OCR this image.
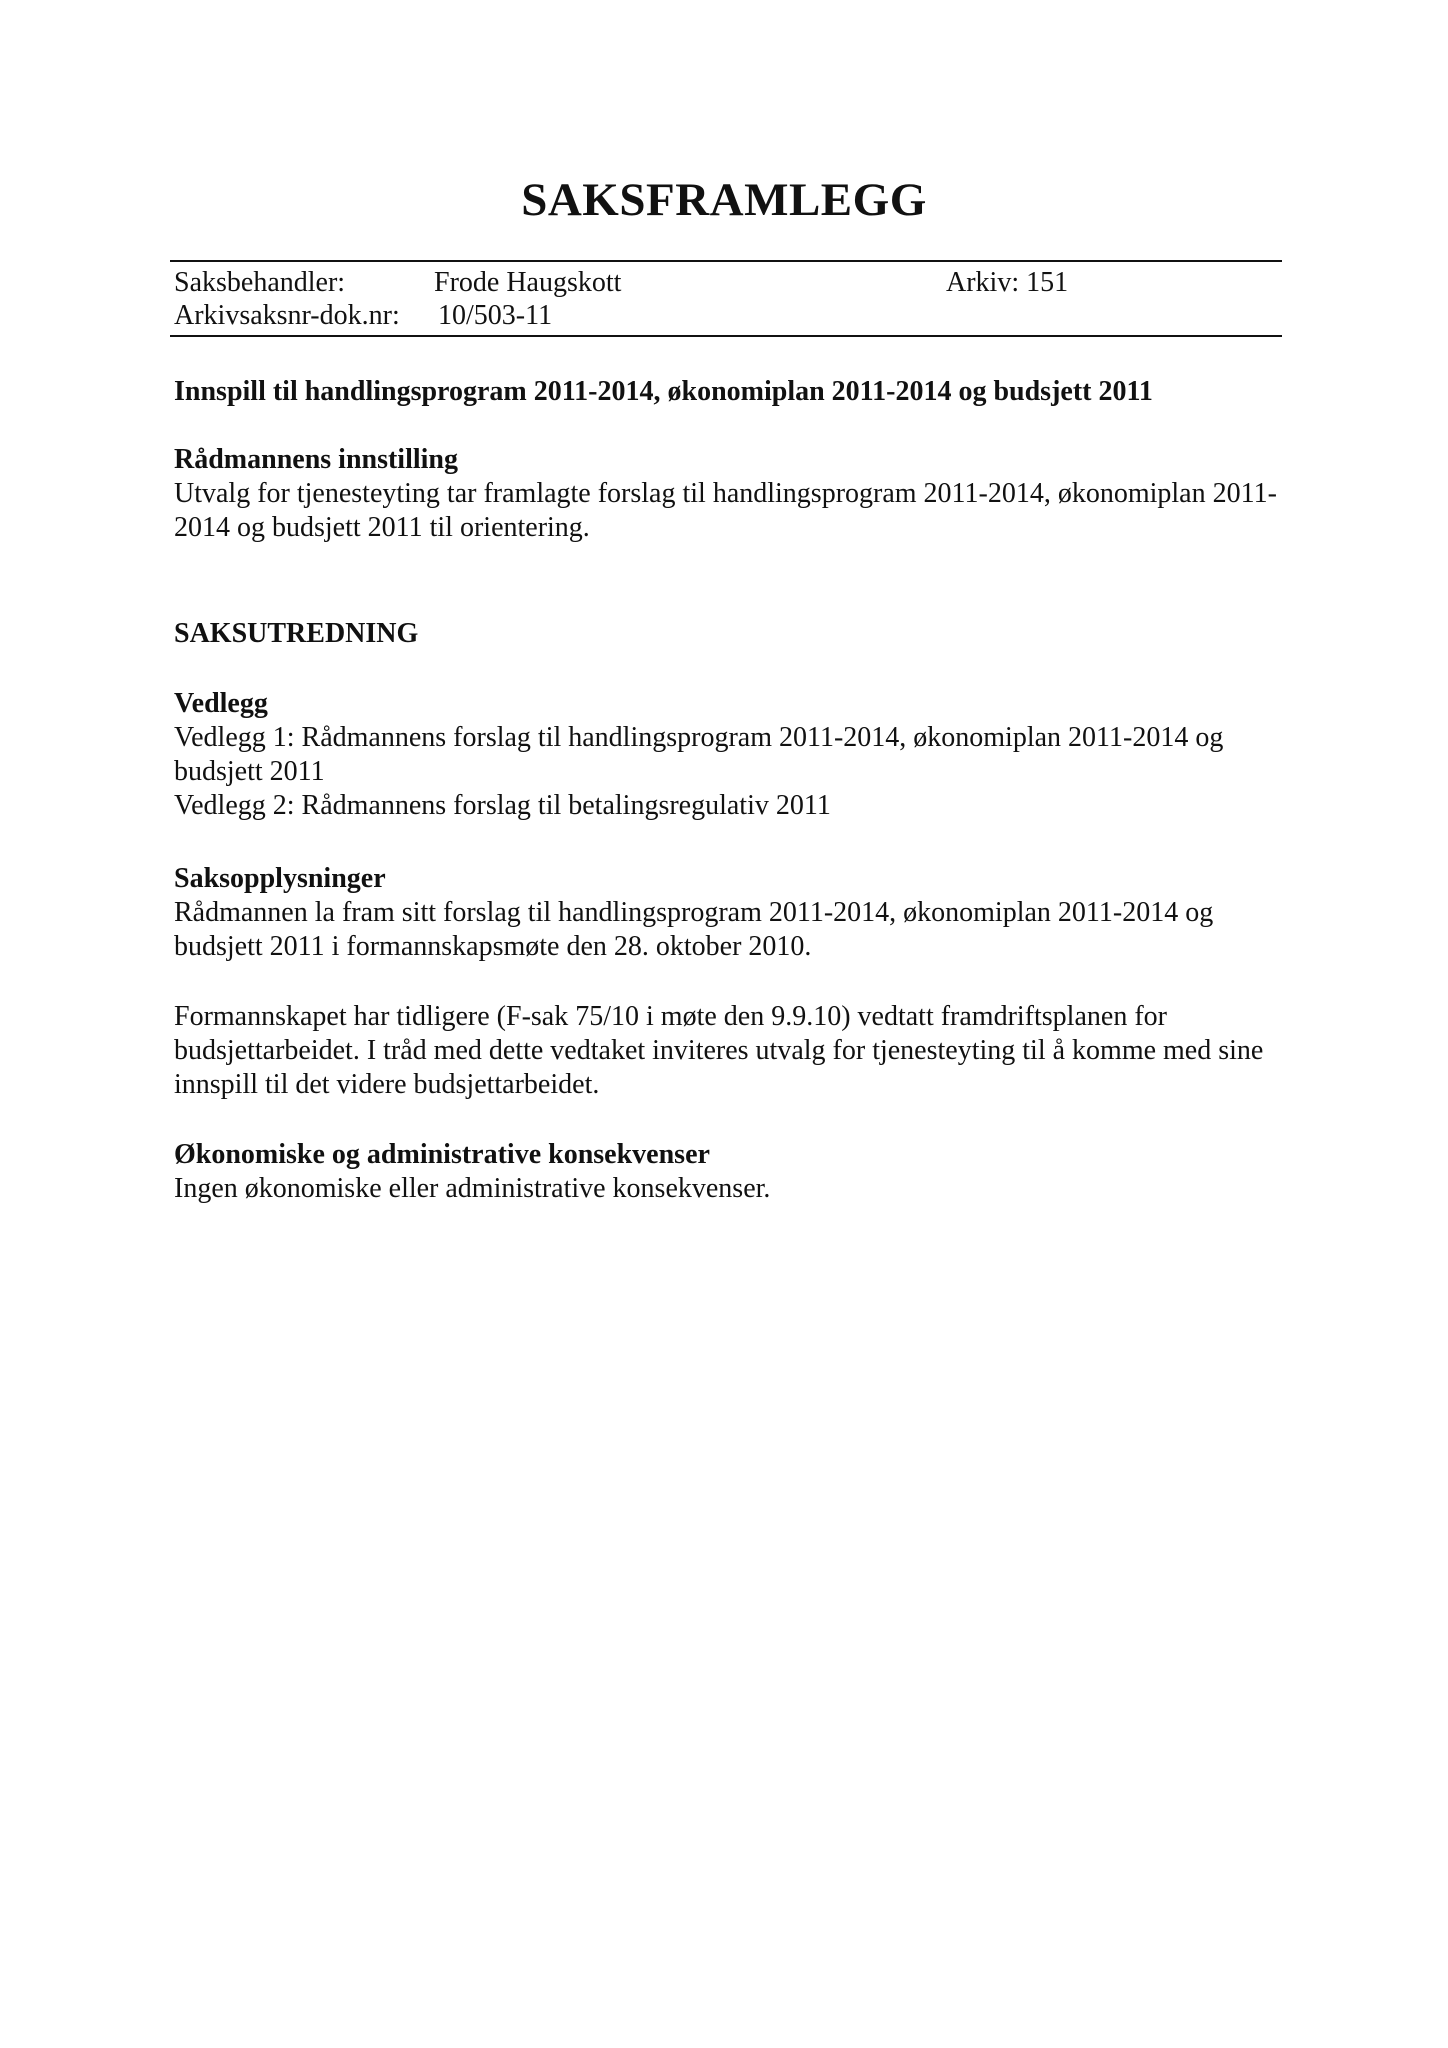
SAKSFRAMLEGG
Saksbehandler:	Frode Haugskott	Arkiv: 151
Arkivsaksnr-dok.nr: 10/503-11
Innspill til handlingsprogram 2011-2014, økonomiplan 2011-2014 og budsjett 2011
Rådmannens innstilling
Utvalg for tjenesteyting tar framlagte forslag til handlingsprogram 2011-2014, økonomiplan 2011-2014 og budsjett 2011 til orientering.
SAKSUTREDNING
Vedlegg
Vedlegg 1: Rådmannens forslag til handlingsprogram 2011-2014, økonomiplan 2011-2014 og budsjett 2011
Vedlegg 2: Rådmannens forslag til betalingsregulativ 2011
Saksopplysninger
Rådmannen la fram sitt forslag til handlingsprogram 2011-2014, økonomiplan 2011-2014 og budsjett 2011 i formannskapsmøte den 28. oktober 2010.
Formannskapet har tidligere (F-sak 75/10 i møte den 9.9.10) vedtatt framdriftsplanen for budsjettarbeidet. I tråd med dette vedtaket inviteres utvalg for tjenesteyting til å komme med sine innspill til det videre budsjettarbeidet.
Økonomiske og administrative konsekvenser
Ingen økonomiske eller administrative konsekvenser.
